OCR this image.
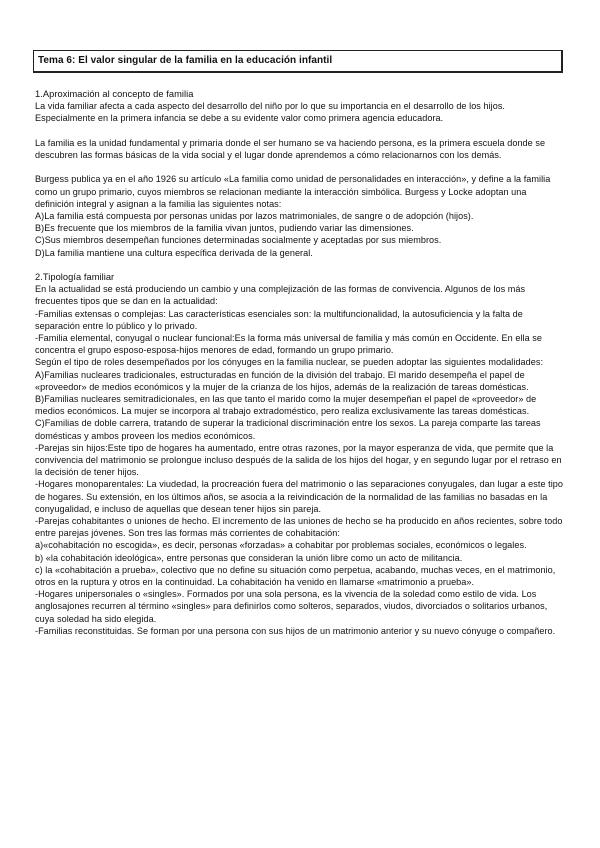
Tema 6: El valor singular de la familia en la educación infantil

1.Aproximación al concepto de familia

La vida familiar afecta a cada aspecto del desarrollo del niño por lo que su importancia en el desarrollo de los hijos. Especialmente en la primera infancia se debe a su evidente valor como primera agencia educadora.

La familia es la unidad fundamental y primaria donde el ser humano se va haciendo persona, es la primera escuela donde se descubren las formas básicas de la vida social y el lugar donde aprendemos a cómo relacionarnos con los demás.

Burgess publica ya en el año 1926 su artículo «La familia como unidad de personalidades en interacción», y define a la familia como un grupo primario, cuyos miembros se relacionan mediante la interacción simbólica. Burgess y Locke adoptan una definición integral y asignan a la familia las siguientes notas:

A)La familia está compuesta por personas unidas por lazos matrimoniales, de sangre o de adopción (hijos).

B)Es frecuente que los miembros de la familia vivan juntos, pudiendo variar las dimensiones.

C)Sus miembros desempeñan funciones determinadas socialmente y aceptadas por sus miembros.

D)La familia mantiene una cultura específica derivada de la general.

2.Tipología familiar

En la actualidad se está produciendo un cambio y una complejización de las formas de convivencia. Algunos de los más frecuentes tipos que se dan en la actualidad:

-Familias extensas o complejas: Las características esenciales son: la multifuncionalidad, la autosuficiencia y la falta de separación entre lo público y lo privado.

-Familia elemental, conyugal o nuclear funcional:Es la forma más universal de familia y más común en Occidente. En ella se concentra el grupo esposo-esposa-hijos menores de edad, formando un grupo primario.

Según el tipo de roles desempeñados por los cónyuges en la familia nuclear, se pueden adoptar las siguientes modalidades:

A)Familias nucleares tradicionales, estructuradas en función de la división del trabajo. El marido desempeña el papel de «proveedor» de medios económicos y la mujer de la crianza de los hijos, además de la realización de tareas domésticas.

B)Familias nucleares semitradicionales, en las que tanto el marido como la mujer desempeñan el papel de «proveedor» de medios económicos. La mujer se incorpora al trabajo extradoméstico, pero realiza exclusivamente las tareas domésticas.

C)Familias de doble carrera, tratando de superar la tradicional discriminación entre los sexos. La pareja comparte las tareas domésticas y ambos proveen los medios económicos.

-Parejas sin hijos:Este tipo de hogares ha aumentado, entre otras razones, por la mayor esperanza de vida, que permite que la convivencia del matrimonio se prolongue incluso después de la salida de los hijos del hogar, y en segundo lugar por el retraso en la decisión de tener hijos.

-Hogares monoparentales: La viudedad, la procreación fuera del matrimonio o las separaciones conyugales, dan lugar a este tipo de hogares. Su extensión, en los últimos años, se asocia a la reivindicación de la normalidad de las familias no basadas en la conyugalidad, e incluso de aquellas que desean tener hijos sin pareja.

-Parejas cohabitantes o uniones de hecho. El incremento de las uniones de hecho se ha producido en años recientes, sobre todo entre parejas jóvenes. Son tres las formas más corrientes de cohabitación:

a)«cohabitación no escogida», es decir, personas «forzadas» a cohabitar por problemas sociales, económicos o legales.

b) «la cohabitación ideológica», entre personas que consideran la unión libre como un acto de militancia.

c) la «cohabitación a prueba», colectivo que no define su situación como perpetua, acabando, muchas veces, en el matrimonio, otros en la ruptura y otros en la continuidad. La cohabitación ha venido en llamarse «matrimonio a prueba».

-Hogares unipersonales o «singles». Formados por una sola persona, es la vivencia de la soledad como estilo de vida. Los anglosajones recurren al término «singles» para definirlos como solteros, separados, viudos, divorciados o solitarios urbanos, cuya soledad ha sido elegida.

-Familias reconstituidas. Se forman por una persona con sus hijos de un matrimonio anterior y su nuevo cónyuge o compañero.
